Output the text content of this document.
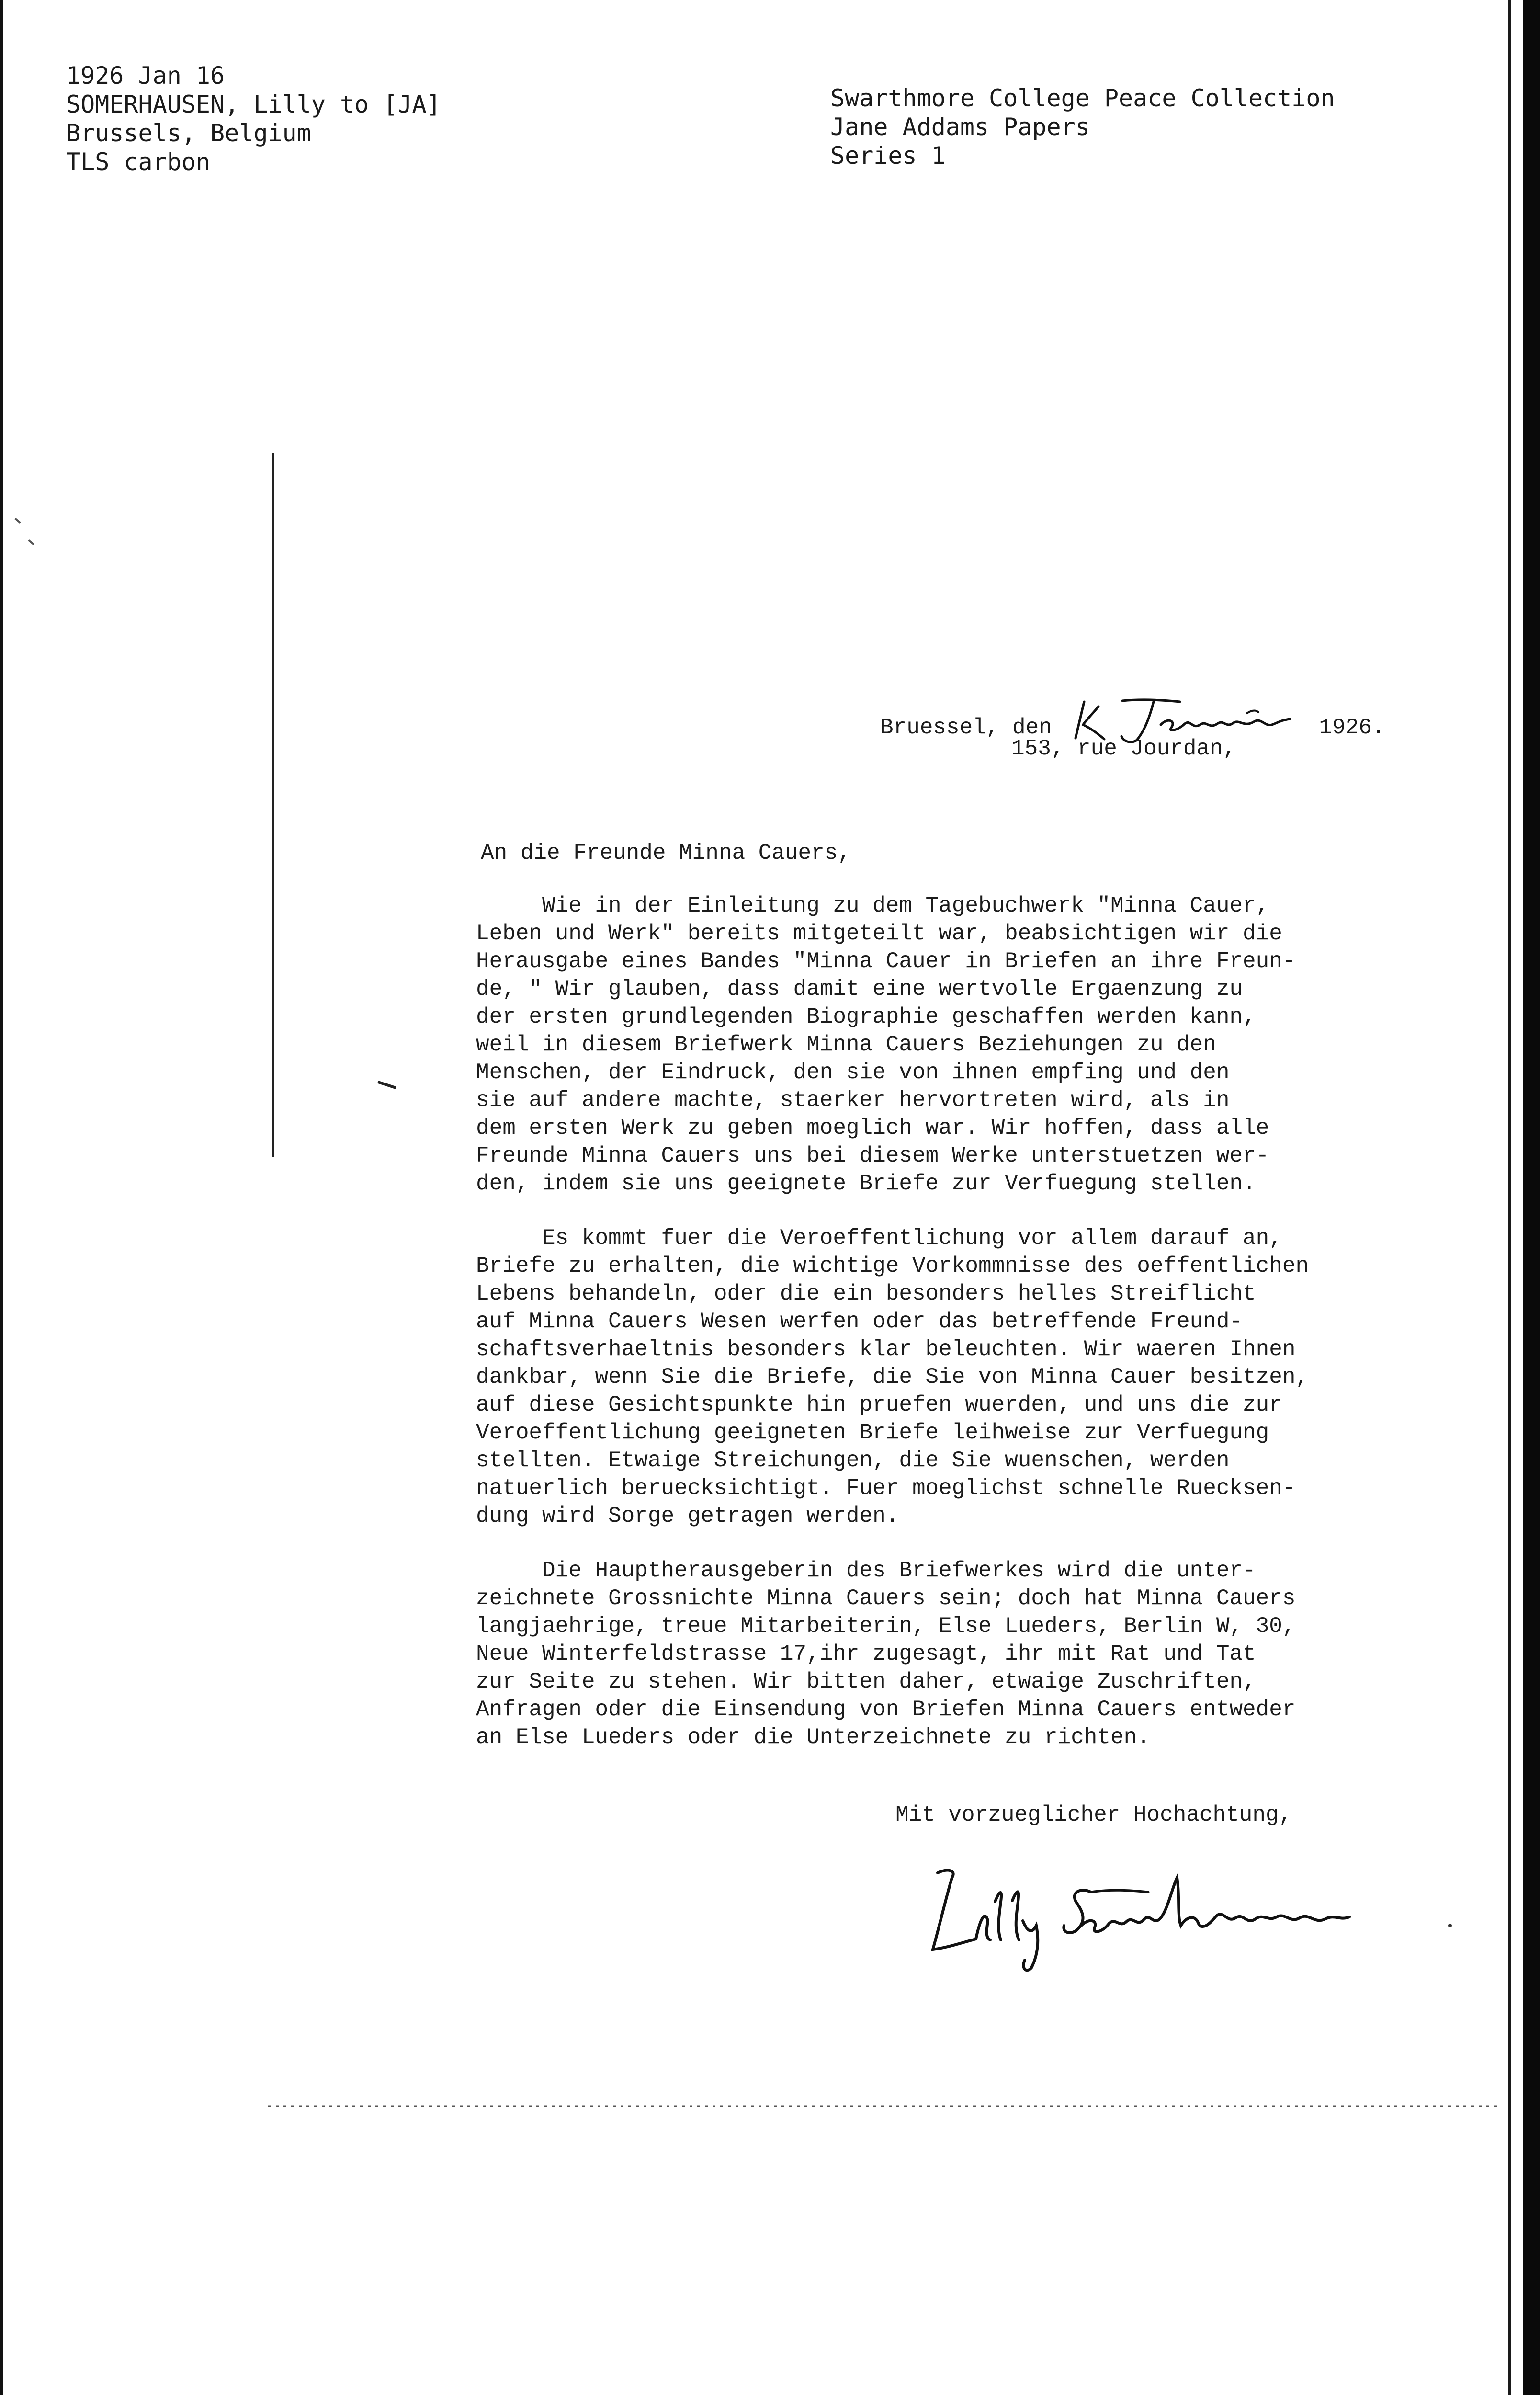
1926 Jan 16
SOMERHAUSEN, Lilly to [JA]
Brussels, Belgium
TLS carbon
Swarthmore College Peace Collection
Jane Addams Papers
Series 1
Bruessel, den	1926.
153, rue Jourdan,
An die Freunde Minna Cauers,
Wie in der Einleitung zu dem Tagebuchwerk "Minna Cauer,
Leben und Werk" bereits mitgeteilt war, beabsichtigen wir die
Herausgabe eines Bandes "Minna Cauer in Briefen an ihre Freun-
de, " Wir glauben, dass damit eine wertvolle Ergaenzung zu
der ersten grundlegenden Biographie geschaffen werden kann,
weil in diesem Briefwerk Minna Cauers Beziehungen zu den
Menschen, der Eindruck, den sie von ihnen empfing und den
sie auf andere machte, staerker hervortreten wird, als in
dem ersten Werk zu geben moeglich war. Wir hoffen, dass alle
Freunde Minna Cauers uns bei diesem Werke unterstuetzen wer-
den, indem sie uns geeignete Briefe zur Verfuegung stellen.
Es kommt fuer die Veroeffentlichung vor allem darauf an,
Briefe zu erhalten, die wichtige Vorkommnisse des oeffentlichen
Lebens behandeln, oder die ein besonders helles Streiflicht
auf Minna Cauers Wesen werfen oder das betreffende Freund-
schaftsverhaeltnis besonders klar beleuchten. Wir waeren Ihnen
dankbar, wenn Sie die Briefe, die Sie von Minna Cauer besitzen,
auf diese Gesichtspunkte hin pruefen wuerden, und uns die zur
Veroeffentlichung geeigneten Briefe leihweise zur Verfuegung
stellten. Etwaige Streichungen, die Sie wuenschen, werden
natuerlich beruecksichtigt. Fuer moeglichst schnelle Ruecksen-
dung wird Sorge getragen werden.
Die Hauptherausgeberin des Briefwerkes wird die unter-
zeichnete Grossnichte Minna Cauers sein; doch hat Minna Cauers
langjaehrige, treue Mitarbeiterin, Else Lueders, Berlin W, 30,
Neue Winterfeldstrasse 17,ihr zugesagt, ihr mit Rat und Tat
zur Seite zu stehen. Wir bitten daher, etwaige Zuschriften,
Anfragen oder die Einsendung von Briefen Minna Cauers entweder
an Else Lueders oder die Unterzeichnete zu richten.
Mit vorzueglicher Hochachtung,
